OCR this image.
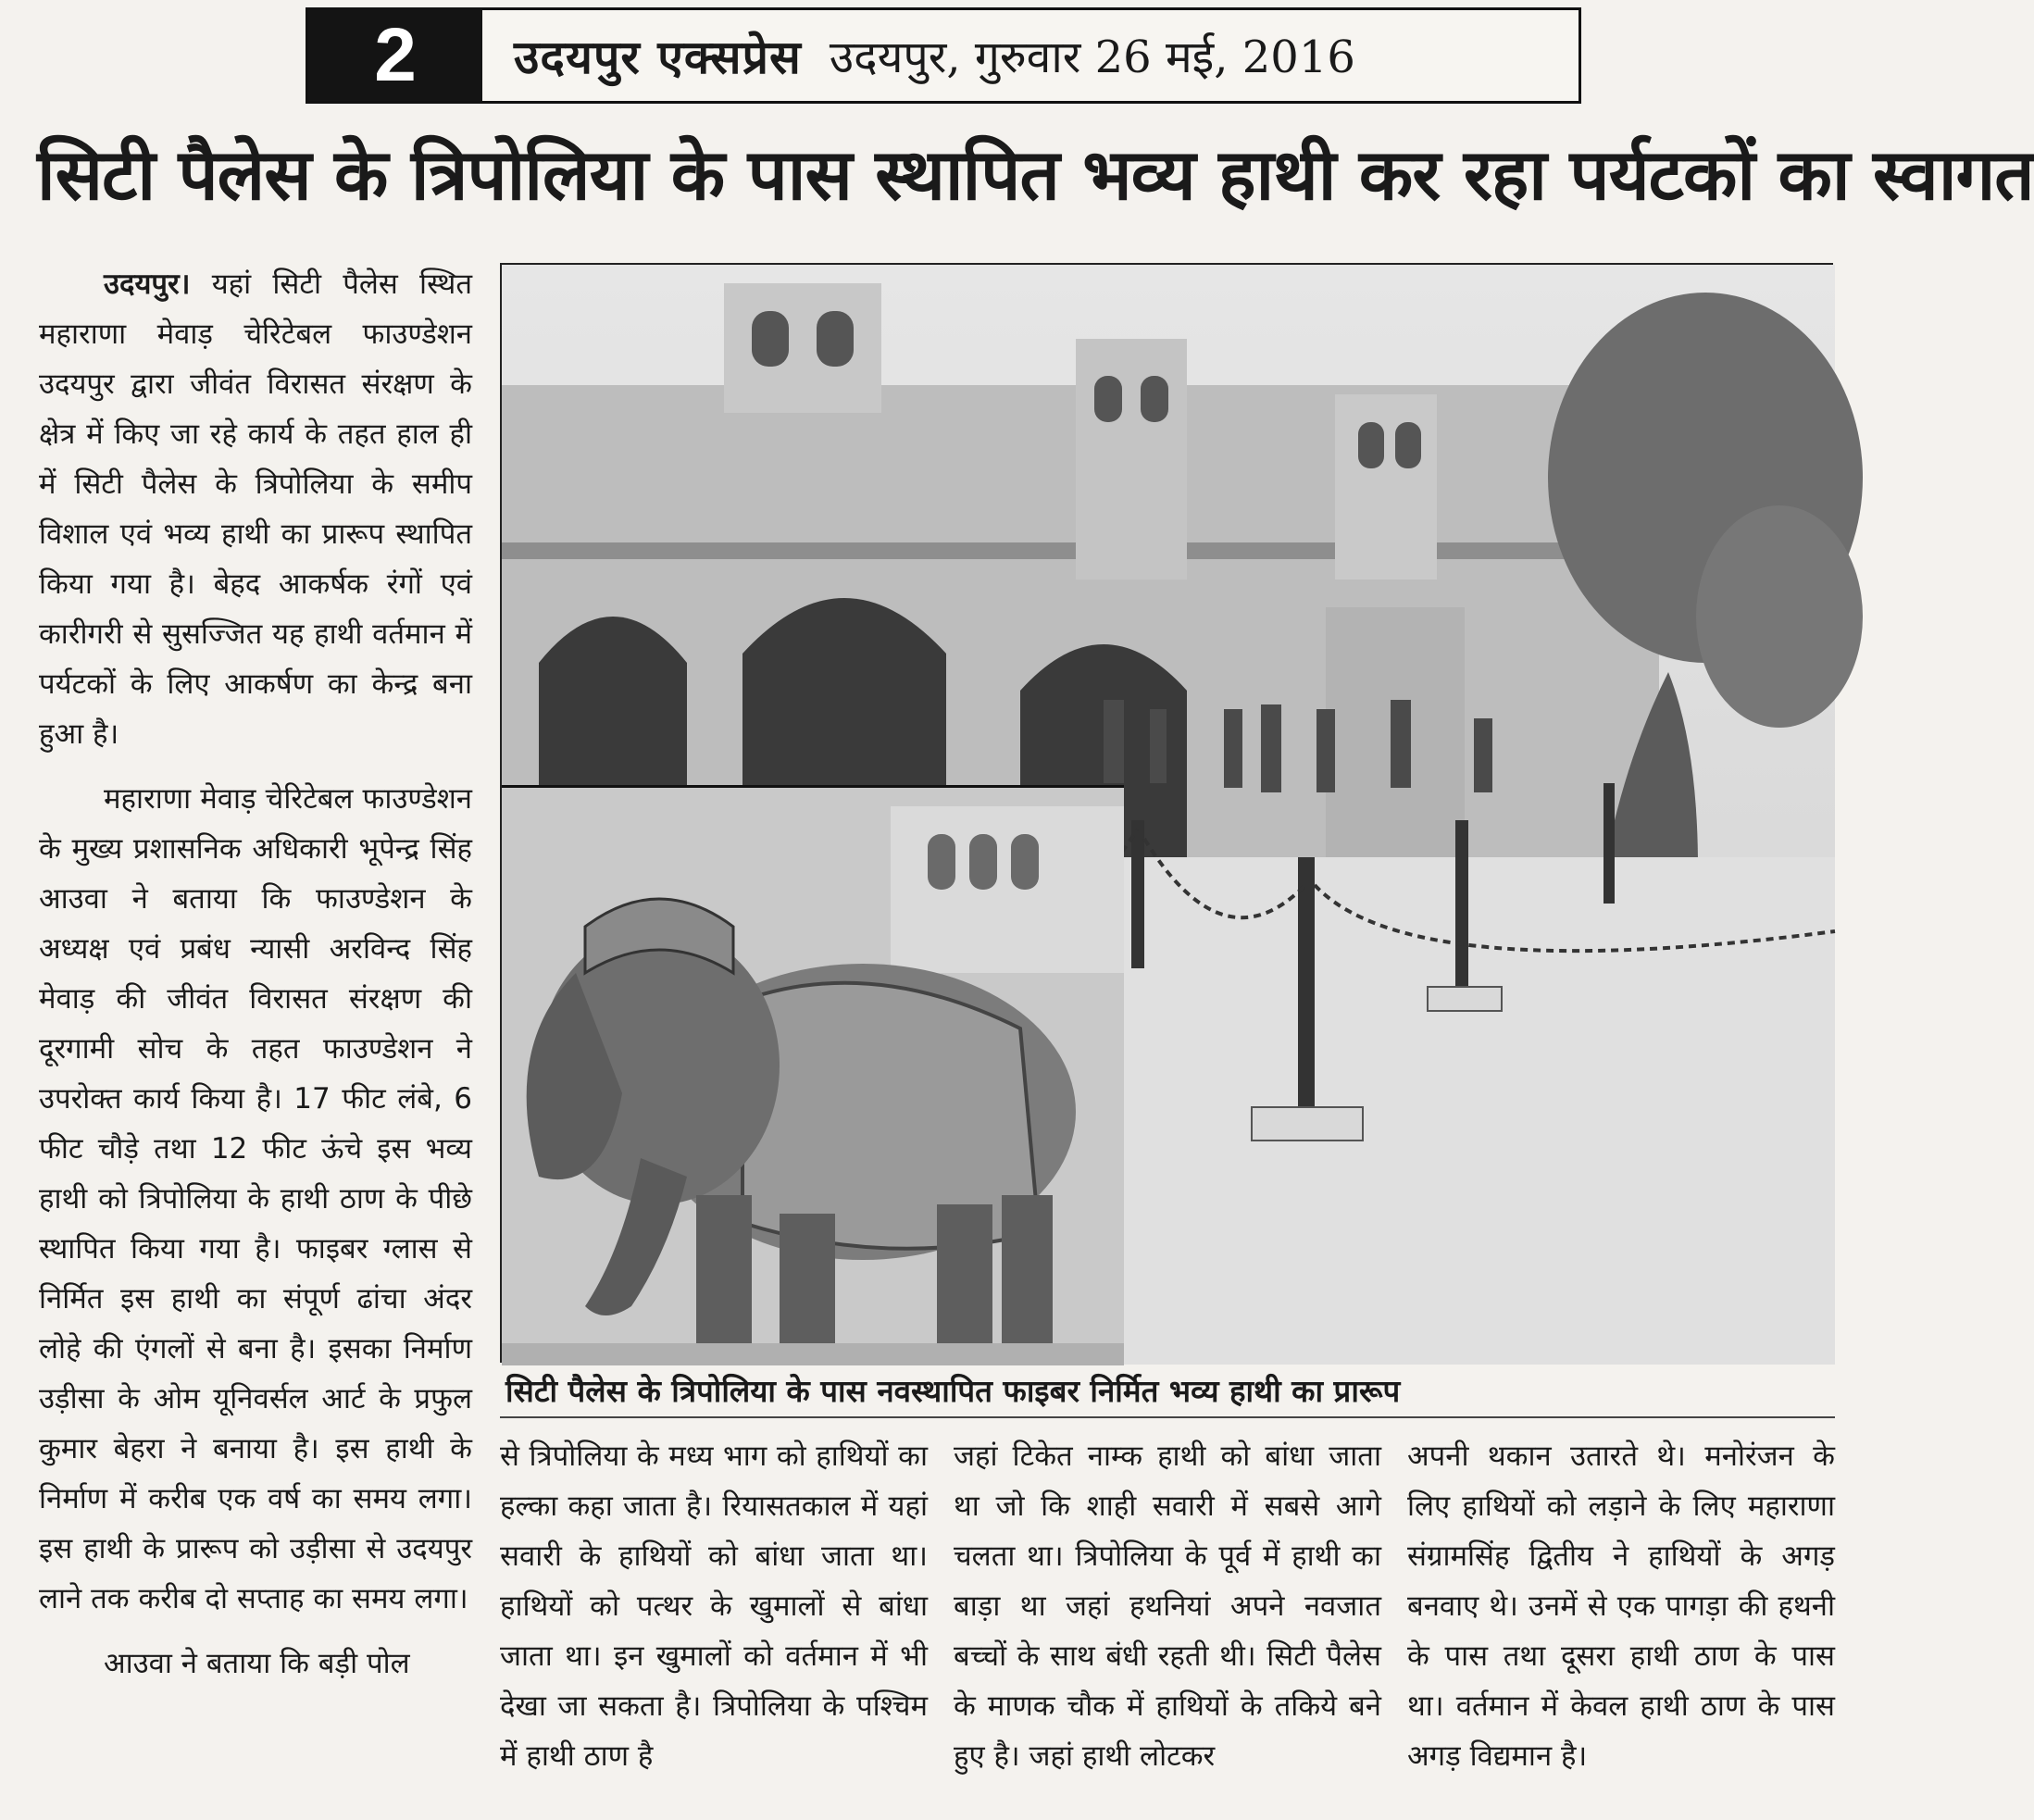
2	उदयपुर एक्सप्रेस उदयपुर, गुरुवार 26 मई, 2016
सिटी पैलेस के त्रिपोलिया के पास स्थापित भव्य हाथी कर रहा पर्यटकों का स्वागत

उदयपुर। यहां सिटी पैलेस स्थित महाराणा मेवाड़ चेरिटेबल फाउण्डेशन उदयपुर द्वारा जीवंत विरासत संरक्षण के क्षेत्र में किए जा रहे कार्य के तहत हाल ही में सिटी पैलेस के त्रिपोलिया के समीप विशाल एवं भव्य हाथी का प्रारूप स्थापित किया गया है। बेहद आकर्षक रंगों एवं कारीगरी से सुसज्जित यह हाथी वर्तमान में पर्यटकों के लिए आकर्षण का केन्द्र बना हुआ है।

महाराणा मेवाड़ चेरिटेबल फाउण्डेशन के मुख्य प्रशासनिक अधिकारी भूपेन्द्र सिंह आउवा ने बताया कि फाउण्डेशन के अध्यक्ष एवं प्रबंध न्यासी अरविन्द सिंह मेवाड़ की जीवंत विरासत संरक्षण की दूरगामी सोच के तहत फाउण्डेशन ने उपरोक्त कार्य किया है। 17 फीट लंबे, 6 फीट चौड़े तथा 12 फीट ऊंचे इस भव्य हाथी को त्रिपोलिया के हाथी ठाण के पीछे स्थापित किया गया है। फाइबर ग्लास से निर्मित इस हाथी का संपूर्ण ढांचा अंदर लोहे की एंगलों से बना है। इसका निर्माण उड़ीसा के ओम यूनिवर्सल आर्ट के प्रफुल कुमार बेहरा ने बनाया है। इस हाथी के निर्माण में करीब एक वर्ष का समय लगा। इस हाथी के प्रारूप को उड़ीसा से उदयपुर लाने तक करीब दो सप्ताह का समय लगा।

आउवा ने बताया कि बड़ी पोल

सिटी पैलेस के त्रिपोलिया के पास नवस्थापित फाइबर निर्मित भव्य हाथी का प्रारूप

से त्रिपोलिया के मध्य भाग को हाथियों का हल्का कहा जाता है। रियासतकाल में यहां सवारी के हाथियों को बांधा जाता था। हाथियों को पत्थर के खुमालों से बांधा जाता था। इन खुमालों को वर्तमान में भी देखा जा सकता है। त्रिपोलिया के पश्चिम में हाथी ठाण है

जहां टिकेत नाम्क हाथी को बांधा जाता था जो कि शाही सवारी में सबसे आगे चलता था। त्रिपोलिया के पूर्व में हाथी का बाड़ा था जहां हथनियां अपने नवजात बच्चों के साथ बंधी रहती थी। सिटी पैलेस के माणक चौक में हाथियों के तकिये बने हुए है। जहां हाथी लोटकर

अपनी थकान उतारते थे। मनोरंजन के लिए हाथियों को लड़ाने के लिए महाराणा संग्रामसिंह द्वितीय ने हाथियों के अगड़ बनवाए थे। उनमें से एक पागड़ा की हथनी के पास तथा दूसरा हाथी ठाण के पास था। वर्तमान में केवल हाथी ठाण के पास अगड़ विद्यमान है।
